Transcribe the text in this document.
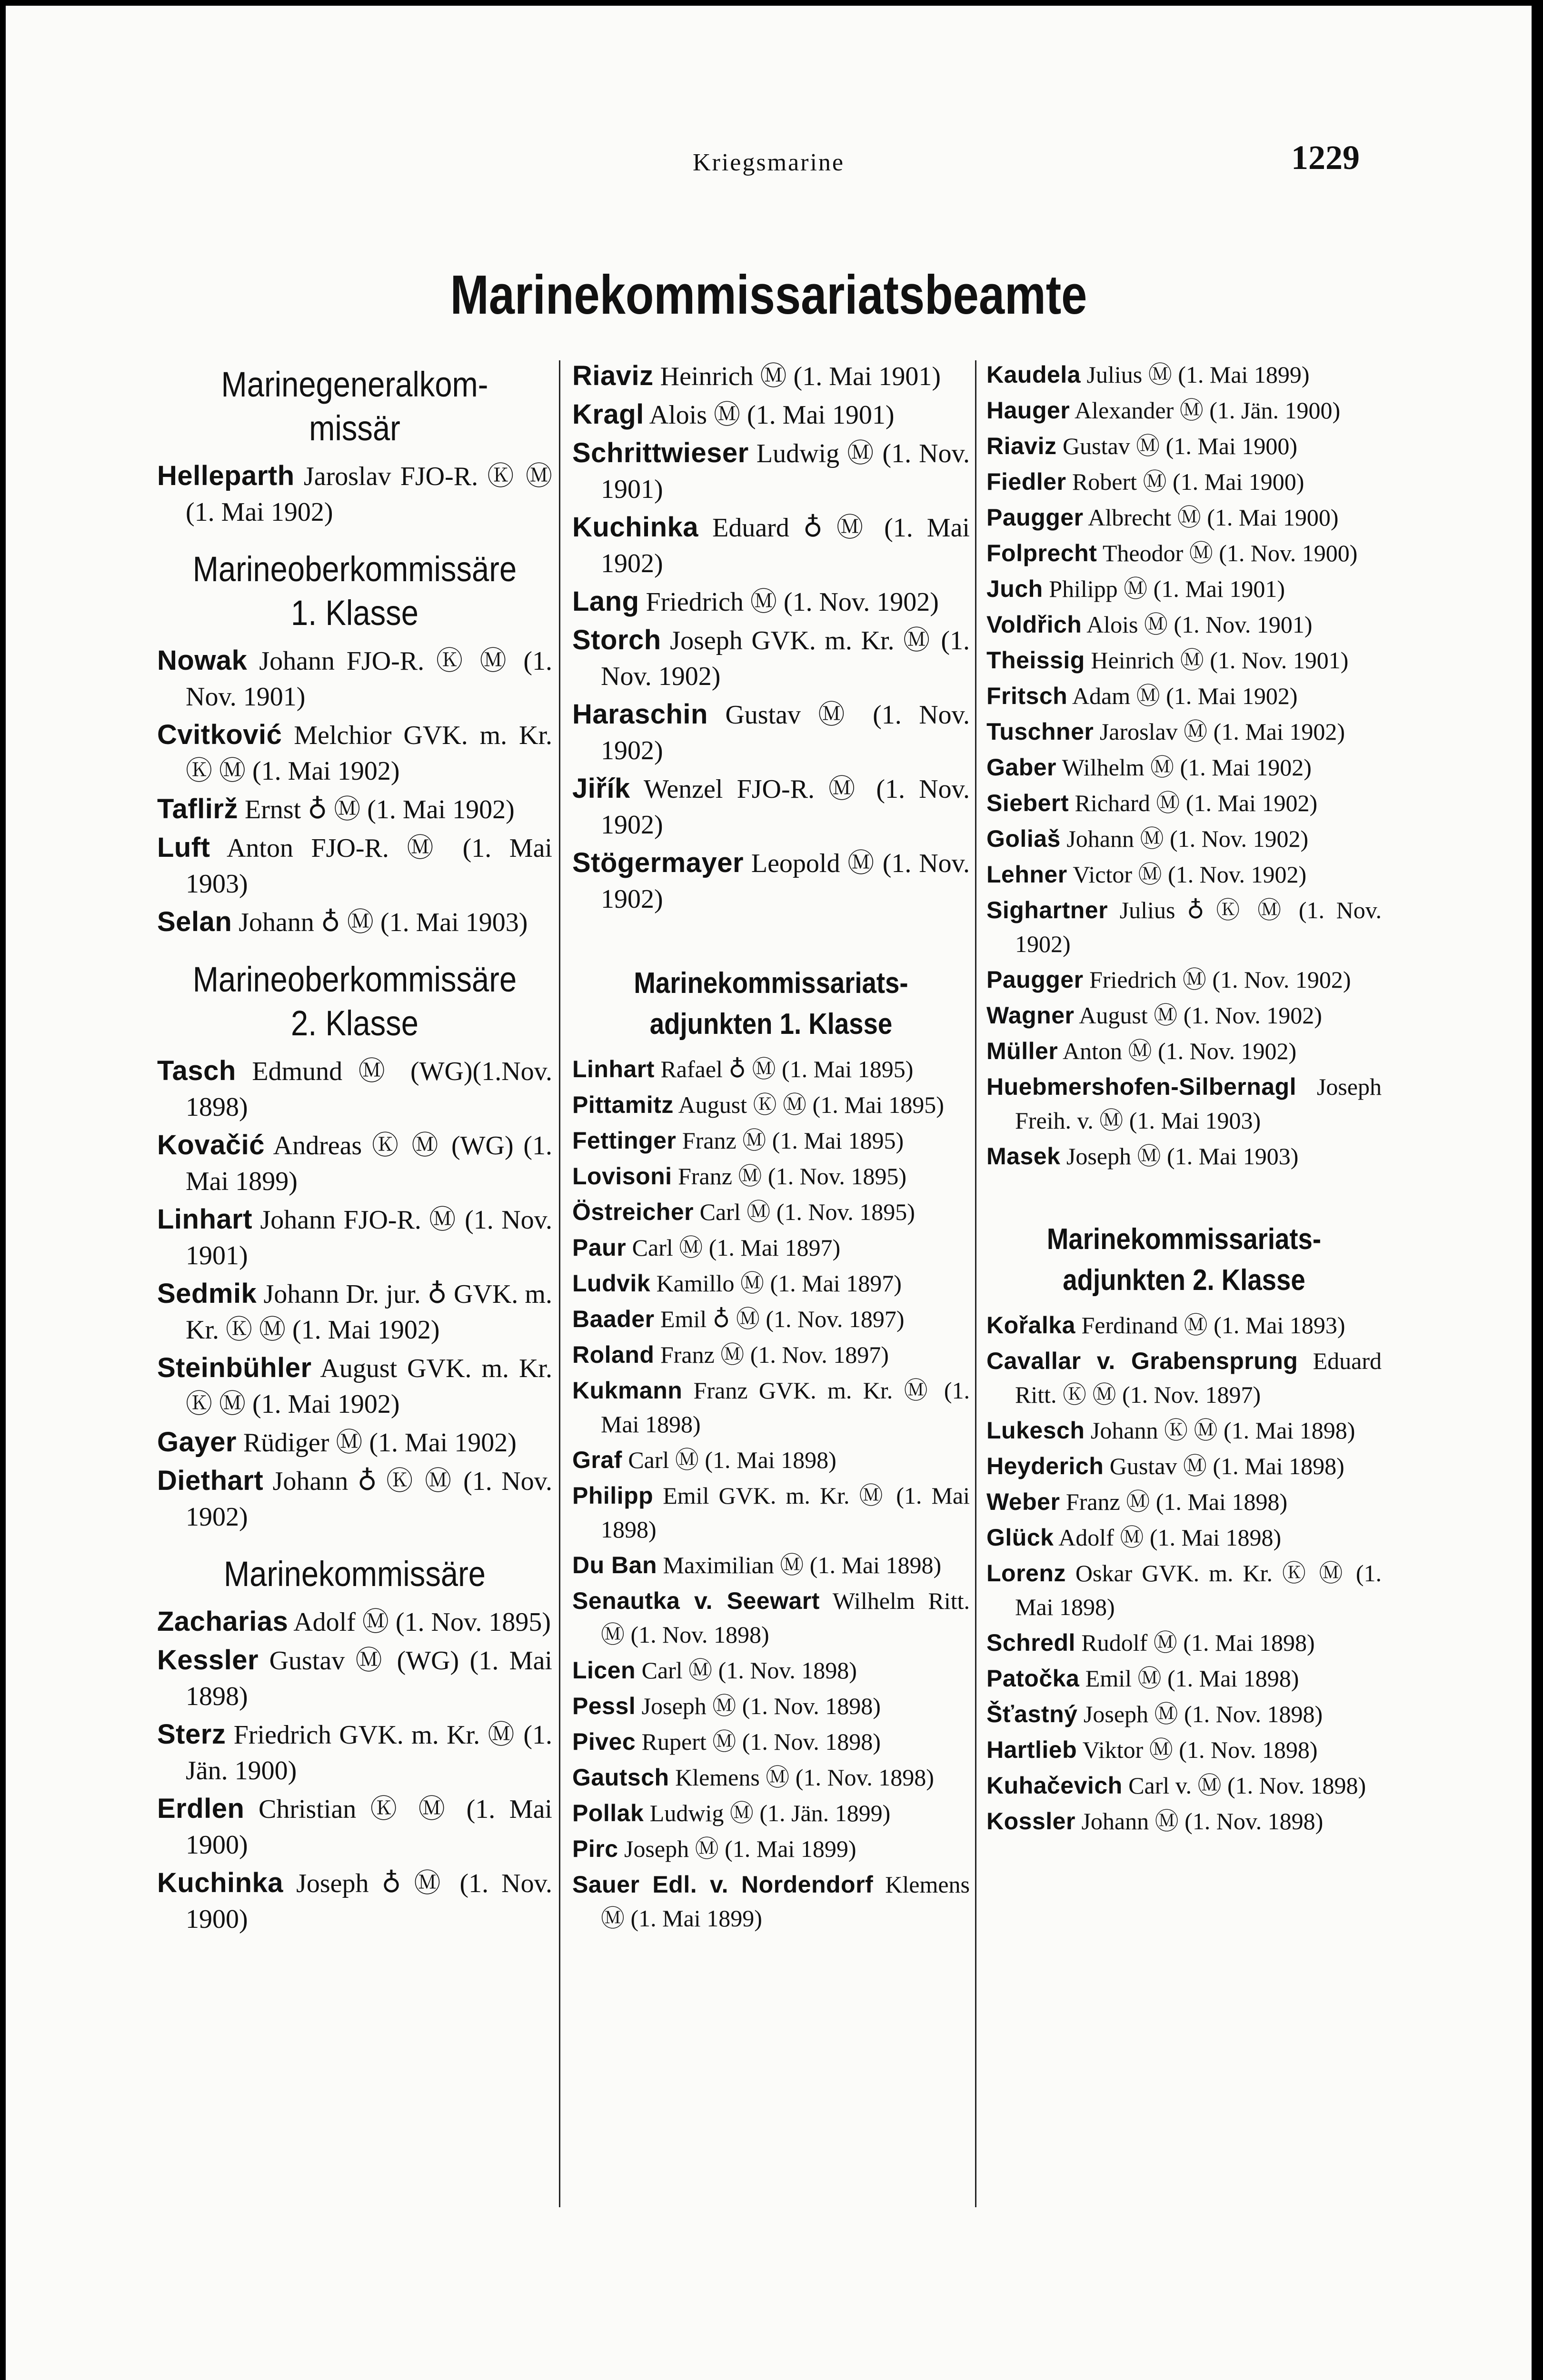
Kriegsmarine	1229
Marinekommissariatsbeamte
Marinegeneralkom-missär
Helleparth Jaroslav FJO-R. Ⓚ Ⓜ (1. Mai 1902)
Marineoberkommissäre 1. Klasse
Nowak Johann FJO-R. Ⓚ Ⓜ (1. Nov. 1901)
Cvitković Melchior GVK. m. Kr. Ⓚ Ⓜ (1. Mai 1902)
Taflirž Ernst ♁ Ⓜ (1. Mai 1902)
Luft Anton FJO-R. Ⓜ (1. Mai 1903)
Selan Johann ♁ Ⓜ (1. Mai 1903)
Marineoberkommissäre 2. Klasse
Tasch Edmund Ⓜ (WG)(1.Nov. 1898)
Kovačić Andreas Ⓚ Ⓜ (WG) (1. Mai 1899)
Linhart Johann FJO-R. Ⓜ (1. Nov. 1901)
Sedmik Johann Dr. jur. ♁ GVK. m. Kr. Ⓚ Ⓜ (1. Mai 1902)
Steinbühler August GVK. m. Kr. Ⓚ Ⓜ (1. Mai 1902)
Gayer Rüdiger Ⓜ (1. Mai 1902)
Diethart Johann ♁ Ⓚ Ⓜ (1. Nov. 1902)
Marinekommissäre
Zacharias Adolf Ⓜ (1. Nov. 1895)
Kessler Gustav Ⓜ (WG) (1. Mai 1898)
Sterz Friedrich GVK. m. Kr. Ⓜ (1. Jän. 1900)
Erdlen Christian Ⓚ Ⓜ (1. Mai 1900)
Kuchinka Joseph ♁ Ⓜ (1. Nov. 1900)
Riaviz Heinrich Ⓜ (1. Mai 1901)
Kragl Alois Ⓜ (1. Mai 1901)
Schrittwieser Ludwig Ⓜ (1. Nov. 1901)
Kuchinka Eduard ♁ Ⓜ (1. Mai 1902)
Lang Friedrich Ⓜ (1. Nov. 1902)
Storch Joseph GVK. m. Kr. Ⓜ (1. Nov. 1902)
Haraschin Gustav Ⓜ (1. Nov. 1902)
Jiřík Wenzel FJO-R. Ⓜ (1. Nov. 1902)
Stögermayer Leopold Ⓜ (1. Nov. 1902)
Marinekommissariats-adjunkten 1. Klasse
Linhart Rafael ♁ Ⓜ (1. Mai 1895)
Pittamitz August Ⓚ Ⓜ (1. Mai 1895)
Fettinger Franz Ⓜ (1. Mai 1895)
Lovisoni Franz Ⓜ (1. Nov. 1895)
Östreicher Carl Ⓜ (1. Nov. 1895)
Paur Carl Ⓜ (1. Mai 1897)
Ludvik Kamillo Ⓜ (1. Mai 1897)
Baader Emil ♁ Ⓜ (1. Nov. 1897)
Roland Franz Ⓜ (1. Nov. 1897)
Kukmann Franz GVK. m. Kr. Ⓜ (1. Mai 1898)
Graf Carl Ⓜ (1. Mai 1898)
Philipp Emil GVK. m. Kr. Ⓜ (1. Mai 1898)
Du Ban Maximilian Ⓜ (1. Mai 1898)
Senautka v. Seewart Wilhelm Ritt. Ⓜ (1. Nov. 1898)
Licen Carl Ⓜ (1. Nov. 1898)
Pessl Joseph Ⓜ (1. Nov. 1898)
Pivec Rupert Ⓜ (1. Nov. 1898)
Gautsch Klemens Ⓜ (1. Nov. 1898)
Pollak Ludwig Ⓜ (1. Jän. 1899)
Pirc Joseph Ⓜ (1. Mai 1899)
Sauer Edl. v. Nordendorf Klemens Ⓜ (1. Mai 1899)
Kaudela Julius Ⓜ (1. Mai 1899)
Hauger Alexander Ⓜ (1. Jän. 1900)
Riaviz Gustav Ⓜ (1. Mai 1900)
Fiedler Robert Ⓜ (1. Mai 1900)
Paugger Albrecht Ⓜ (1. Mai 1900)
Folprecht Theodor Ⓜ (1. Nov. 1900)
Juch Philipp Ⓜ (1. Mai 1901)
Voldřich Alois Ⓜ (1. Nov. 1901)
Theissig Heinrich Ⓜ (1. Nov. 1901)
Fritsch Adam Ⓜ (1. Mai 1902)
Tuschner Jaroslav Ⓜ (1. Mai 1902)
Gaber Wilhelm Ⓜ (1. Mai 1902)
Siebert Richard Ⓜ (1. Mai 1902)
Goliaš Johann Ⓜ (1. Nov. 1902)
Lehner Victor Ⓜ (1. Nov. 1902)
Sighartner Julius ♁ Ⓚ Ⓜ (1. Nov. 1902)
Paugger Friedrich Ⓜ (1. Nov. 1902)
Wagner August Ⓜ (1. Nov. 1902)
Müller Anton Ⓜ (1. Nov. 1902)
Huebmershofen-Silbernagl Joseph Freih. v. Ⓜ (1. Mai 1903)
Masek Joseph Ⓜ (1. Mai 1903)
Marinekommissariats-adjunkten 2. Klasse
Kořalka Ferdinand Ⓜ (1. Mai 1893)
Cavallar v. Grabensprung Eduard Ritt. Ⓚ Ⓜ (1. Nov. 1897)
Lukesch Johann Ⓚ Ⓜ (1. Mai 1898)
Heyderich Gustav Ⓜ (1. Mai 1898)
Weber Franz Ⓜ (1. Mai 1898)
Glück Adolf Ⓜ (1. Mai 1898)
Lorenz Oskar GVK. m. Kr. Ⓚ Ⓜ (1. Mai 1898)
Schredl Rudolf Ⓜ (1. Mai 1898)
Patočka Emil Ⓜ (1. Mai 1898)
Šťastný Joseph Ⓜ (1. Nov. 1898)
Hartlieb Viktor Ⓜ (1. Nov. 1898)
Kuhačevich Carl v. Ⓜ (1. Nov. 1898)
Kossler Johann Ⓜ (1. Nov. 1898)
